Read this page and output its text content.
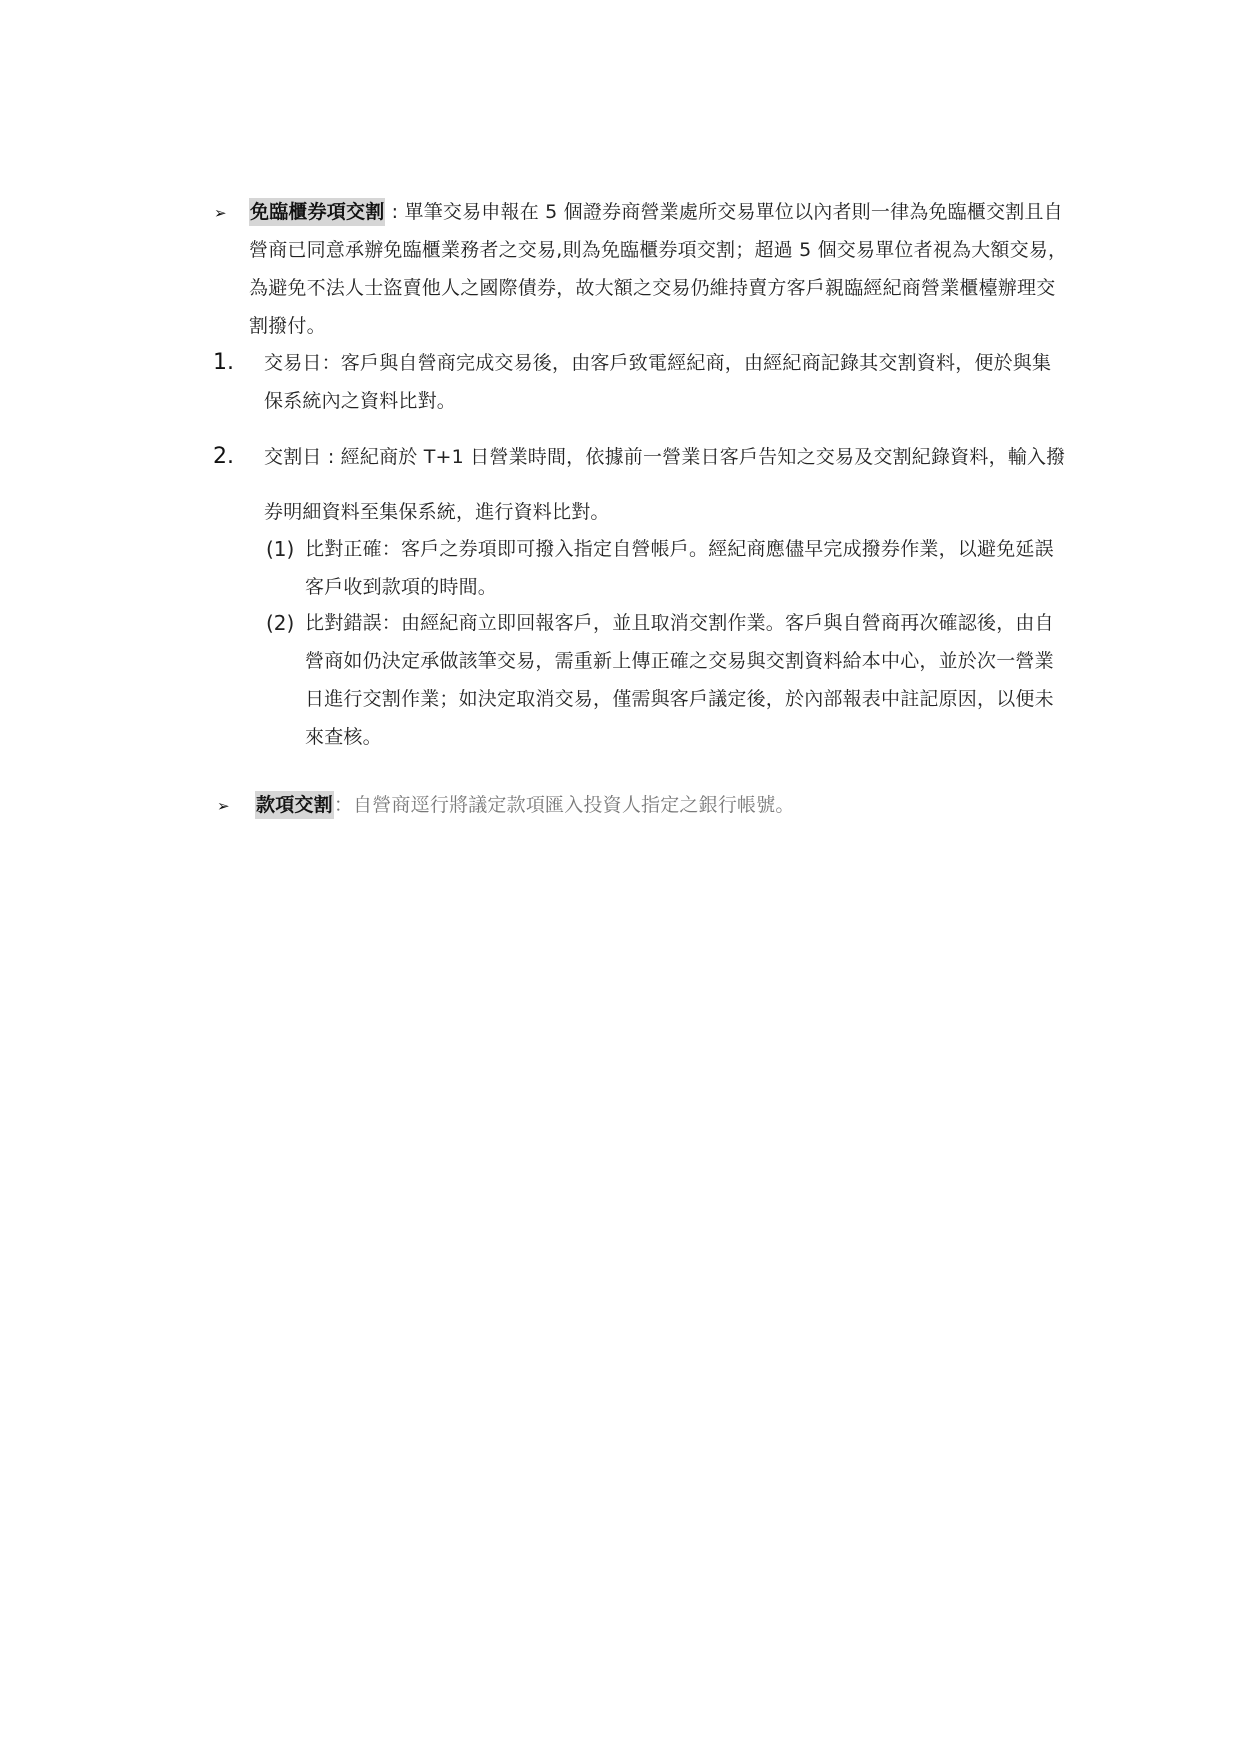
➢ 免臨櫃券項交割 : 單筆交易申報在 5 個證券商營業處所交易單位以內者則一律為免臨櫃交割且自
營商已同意承辦免臨櫃業務者之交易,則為免臨櫃券項交割；超過 5 個交易單位者視為大額交易，
為避免不法人士盜賣他人之國際債券，故大額之交易仍維持賣方客戶親臨經紀商營業櫃檯辦理交
割撥付。
1. 交易日：客戶與自營商完成交易後，由客戶致電經紀商，由經紀商記錄其交割資料，便於與集
保系統內之資料比對。
2. 交割日 : 經紀商於 T+1 日營業時間，依據前一營業日客戶告知之交易及交割紀錄資料，輸入撥
券明細資料至集保系統，進行資料比對。
(1) 比對正確：客戶之券項即可撥入指定自營帳戶。經紀商應儘早完成撥券作業，以避免延誤
客戶收到款項的時間。
(2) 比對錯誤：由經紀商立即回報客戶，並且取消交割作業。客戶與自營商再次確認後，由自
營商如仍決定承做該筆交易，需重新上傳正確之交易與交割資料給本中心，並於次一營業
日進行交割作業；如決定取消交易，僅需與客戶議定後，於內部報表中註記原因，以便未
來查核。
➢ 款項交割：自營商逕行將議定款項匯入投資人指定之銀行帳號。
